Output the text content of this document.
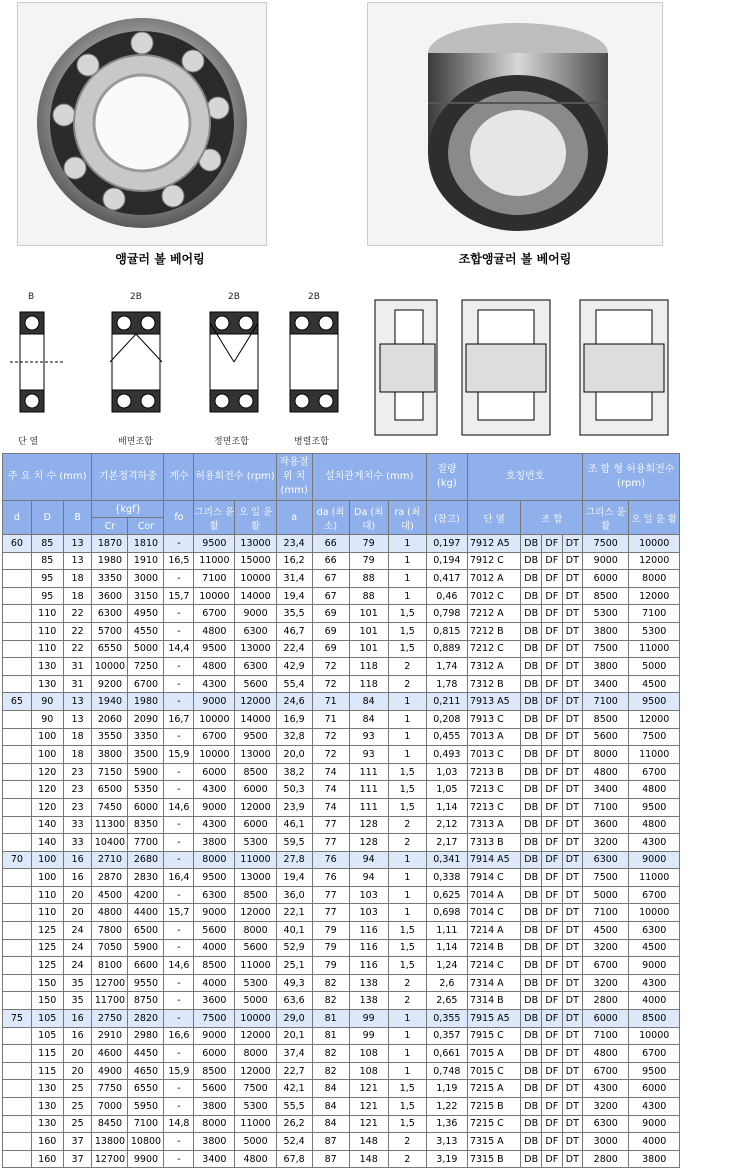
앵귤러 볼 베어링	조합앵귤러 볼 베어링
단 열	배면조합	정면조합	병렬조합
B	2B	2B	2B
주 요 치 수 (mm)			기본정격하중		계수	허용회전수 (rpm)		작용점 위 치 (mm)	설치관계치수 (mm)			질량 (kg)	호칭번호				조 합 형 허용회전수 (rpm)	
d	D	B	{kgf}		fo	그리스 윤 활	오 일 윤 활	a	da (최소)	Da (최대)	ra (최대)	(참고)	단 열	조 합			그리스 윤 활	오 일 윤 활
			Cr	Cor														
60	85	13	1870	1810	-	9500	13000	23,4	66	79	1	0,197	7912 A5	DB	DF	DT	7500	10000
	85	13	1980	1910	16,5	11000	15000	16,2	66	79	1	0,194	7912 C	DB	DF	DT	9000	12000
	95	18	3350	3000	-	7100	10000	31,4	67	88	1	0,417	7012 A	DB	DF	DT	6000	8000
	95	18	3600	3150	15,7	10000	14000	19,4	67	88	1	0,46	7012 C	DB	DF	DT	8500	12000
	110	22	6300	4950	-	6700	9000	35,5	69	101	1,5	0,798	7212 A	DB	DF	DT	5300	7100
	110	22	5700	4550	-	4800	6300	46,7	69	101	1,5	0,815	7212 B	DB	DF	DT	3800	5300
	110	22	6550	5000	14,4	9500	13000	22,4	69	101	1,5	0,889	7212 C	DB	DF	DT	7500	11000
	130	31	10000	7250	-	4800	6300	42,9	72	118	2	1,74	7312 A	DB	DF	DT	3800	5000
	130	31	9200	6700	-	4300	5600	55,4	72	118	2	1,78	7312 B	DB	DF	DT	3400	4500
65	90	13	1940	1980	-	9000	12000	24,6	71	84	1	0,211	7913 A5	DB	DF	DT	7100	9500
	90	13	2060	2090	16,7	10000	14000	16,9	71	84	1	0,208	7913 C	DB	DF	DT	8500	12000
	100	18	3550	3350	-	6700	9500	32,8	72	93	1	0,455	7013 A	DB	DF	DT	5600	7500
	100	18	3800	3500	15,9	10000	13000	20,0	72	93	1	0,493	7013 C	DB	DF	DT	8000	11000
	120	23	7150	5900	-	6000	8500	38,2	74	111	1,5	1,03	7213 B	DB	DF	DT	4800	6700
	120	23	6500	5350	-	4300	6000	50,3	74	111	1,5	1,05	7213 C	DB	DF	DT	3400	4800
	120	23	7450	6000	14,6	9000	12000	23,9	74	111	1,5	1,14	7213 C	DB	DF	DT	7100	9500
	140	33	11300	8350	-	4300	6000	46,1	77	128	2	2,12	7313 A	DB	DF	DT	3600	4800
	140	33	10400	7700	-	3800	5300	59,5	77	128	2	2,17	7313 B	DB	DF	DT	3200	4300
70	100	16	2710	2680	-	8000	11000	27,8	76	94	1	0,341	7914 A5	DB	DF	DT	6300	9000
	100	16	2870	2830	16,4	9500	13000	19,4	76	94	1	0,338	7914 C	DB	DF	DT	7500	11000
	110	20	4500	4200	-	6300	8500	36,0	77	103	1	0,625	7014 A	DB	DF	DT	5000	6700
	110	20	4800	4400	15,7	9000	12000	22,1	77	103	1	0,698	7014 C	DB	DF	DT	7100	10000
	125	24	7800	6500	-	5600	8000	40,1	79	116	1,5	1,11	7214 A	DB	DF	DT	4500	6300
	125	24	7050	5900	-	4000	5600	52,9	79	116	1,5	1,14	7214 B	DB	DF	DT	3200	4500
	125	24	8100	6600	14,6	8500	11000	25,1	79	116	1,5	1,24	7214 C	DB	DF	DT	6700	9000
	150	35	12700	9550	-	4000	5300	49,3	82	138	2	2,6	7314 A	DB	DF	DT	3200	4300
	150	35	11700	8750	-	3600	5000	63,6	82	138	2	2,65	7314 B	DB	DF	DT	2800	4000
75	105	16	2750	2820	-	7500	10000	29,0	81	99	1	0,355	7915 A5	DB	DF	DT	6000	8500
	105	16	2910	2980	16,6	9000	12000	20,1	81	99	1	0,357	7915 C	DB	DF	DT	7100	10000
	115	20	4600	4450	-	6000	8000	37,4	82	108	1	0,661	7015 A	DB	DF	DT	4800	6700
	115	20	4900	4650	15,9	8500	12000	22,7	82	108	1	0,748	7015 C	DB	DF	DT	6700	9500
	130	25	7750	6550	-	5600	7500	42,1	84	121	1,5	1,19	7215 A	DB	DF	DT	4300	6000
	130	25	7000	5950	-	3800	5300	55,5	84	121	1,5	1,22	7215 B	DB	DF	DT	3200	4300
	130	25	8450	7100	14,8	8000	11000	26,2	84	121	1,5	1,36	7215 C	DB	DF	DT	6300	9000
	160	37	13800	10800	-	3800	5000	52,4	87	148	2	3,13	7315 A	DB	DF	DT	3000	4000
	160	37	12700	9900	-	3400	4800	67,8	87	148	2	3,19	7315 B	DB	DF	DT	2800	3800
